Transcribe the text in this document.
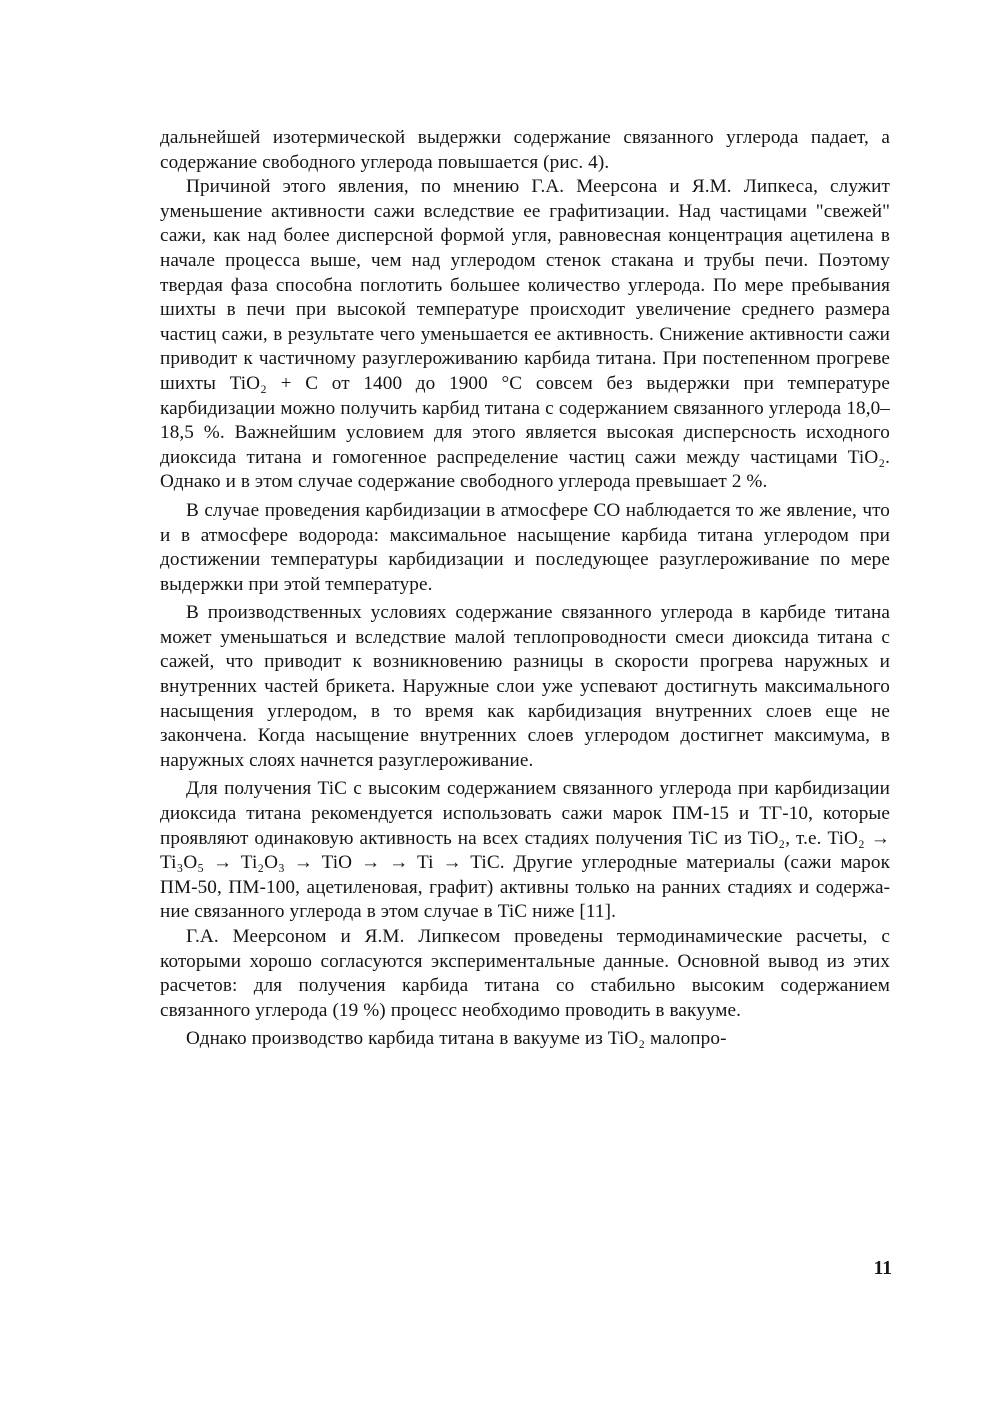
дальнейшей изотермической выдержки содержание связанного углерода падает, а содержание свободного углерода повышается (рис. 4).

Причиной этого явления, по мнению Г.А. Меерсона и Я.М. Липкеса, служит уменьшение активности сажи вследствие ее графитизации. Над частицами "свежей" сажи, как над более дисперсной формой угля, равновесная концентрация ацетилена в начале процесса выше, чем над углеродом стенок стакана и трубы печи. Поэтому твердая фаза способна поглотить большее количество углерода. По мере пребывания шихты в печи при высокой температуре происходит увеличение среднего размера частиц сажи, в результате чего уменьшается ее активность. Снижение активности сажи приводит к частичному разуглероживанию карбида титана. При постепенном прогреве шихты TiO₂ + C от 1400 до 1900 °C совсем без выдержки при температуре карбидизации можно получить карбид титана с содержанием связанного углерода 18,0–18,5 %. Важнейшим условием для этого является высокая дисперсность исходного диоксида титана и гомогенное распределение частиц сажи между частицами TiO₂. Однако и в этом случае содержание свободного углерода превышает 2 %.

В случае проведения карбидизации в атмосфере CO наблюдается то же явление, что и в атмосфере водорода: максимальное насыщение карбида титана углеродом при достижении температуры карбидизации и последующее разуглероживание по мере выдержки при этой температуре.

В производственных условиях содержание связанного углерода в карбиде титана может уменьшаться и вследствие малой теплопроводности смеси диоксида титана с сажей, что приводит к возникновению разницы в скорости прогрева наружных и внутренних частей брикета. Наружные слои уже успевают достигнуть максимального насыщения углеродом, в то время как карбидизация внутренних слоев еще не закончена. Когда насыщение внутренних слоев углеродом достигнет максимума, в наружных слоях начнется разуглероживание.

Для получения TiC с высоким содержанием связанного углерода при карбидизации диоксида титана рекомендуется использовать сажи марок ПМ-15 и ТГ-10, которые проявляют одинаковую активность на всех стадиях получения TiC из TiO₂, т.е. TiO₂ → Ti₃O₅ → Ti₂O₃ → TiO → → Ti → TiC. Другие углеродные материалы (сажи марок ПМ-50, ПМ-100, ацетиленовая, графит) активны только на ранних стадиях и содержание связанного углерода в этом случае в TiC ниже [11].

Г.А. Меерсоном и Я.М. Липкесом проведены термодинамические расчеты, с которыми хорошо согласуются экспериментальные данные. Основной вывод из этих расчетов: для получения карбида титана со стабильно высоким содержанием связанного углерода (19 %) процесс необходимо проводить в вакууме.

Однако производство карбида титана в вакууме из TiO₂ малопро-

11
